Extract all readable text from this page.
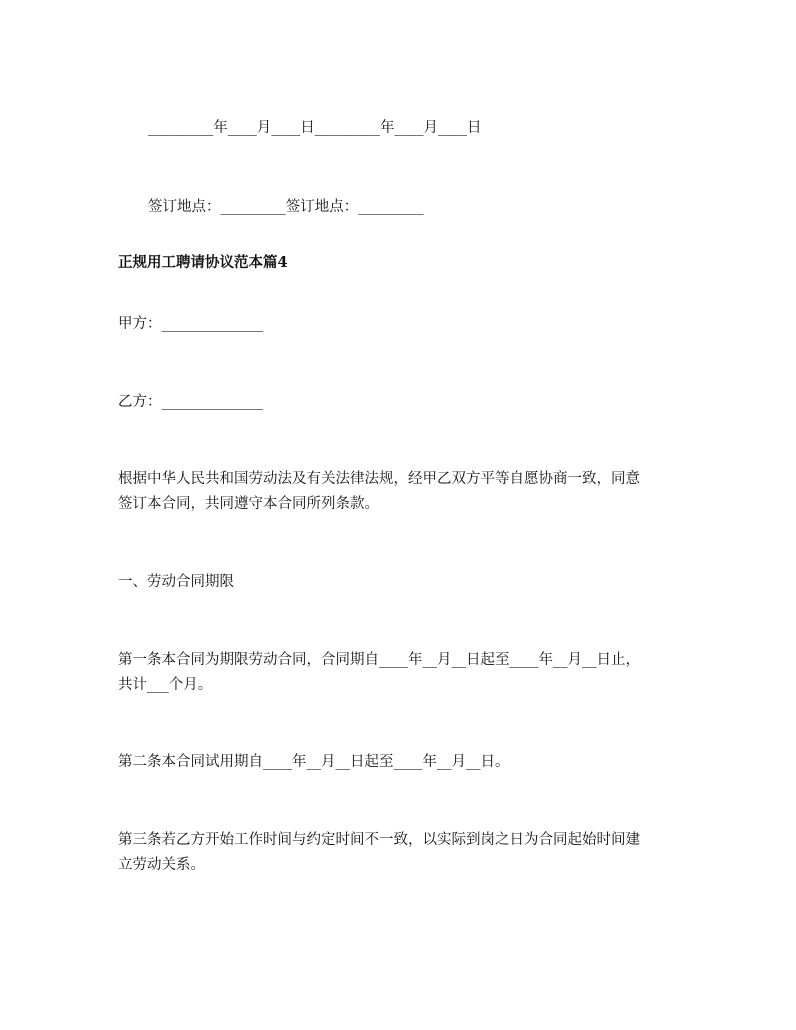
_________年____月____日_________年____月____日
签订地点：_________签订地点：_________
正规用工聘请协议范本篇4
甲方：______________
乙方：______________
根据中华人民共和国劳动法及有关法律法规，经甲乙双方平等自愿协商一致，同意
签订本合同，共同遵守本合同所列条款。
一、劳动合同期限
第一条本合同为期限劳动合同，合同期自____年__月__日起至____年__月__日止，
共计___个月。
第二条本合同试用期自____年__月__日起至____年__月__日。
第三条若乙方开始工作时间与约定时间不一致，以实际到岗之日为合同起始时间建
立劳动关系。
